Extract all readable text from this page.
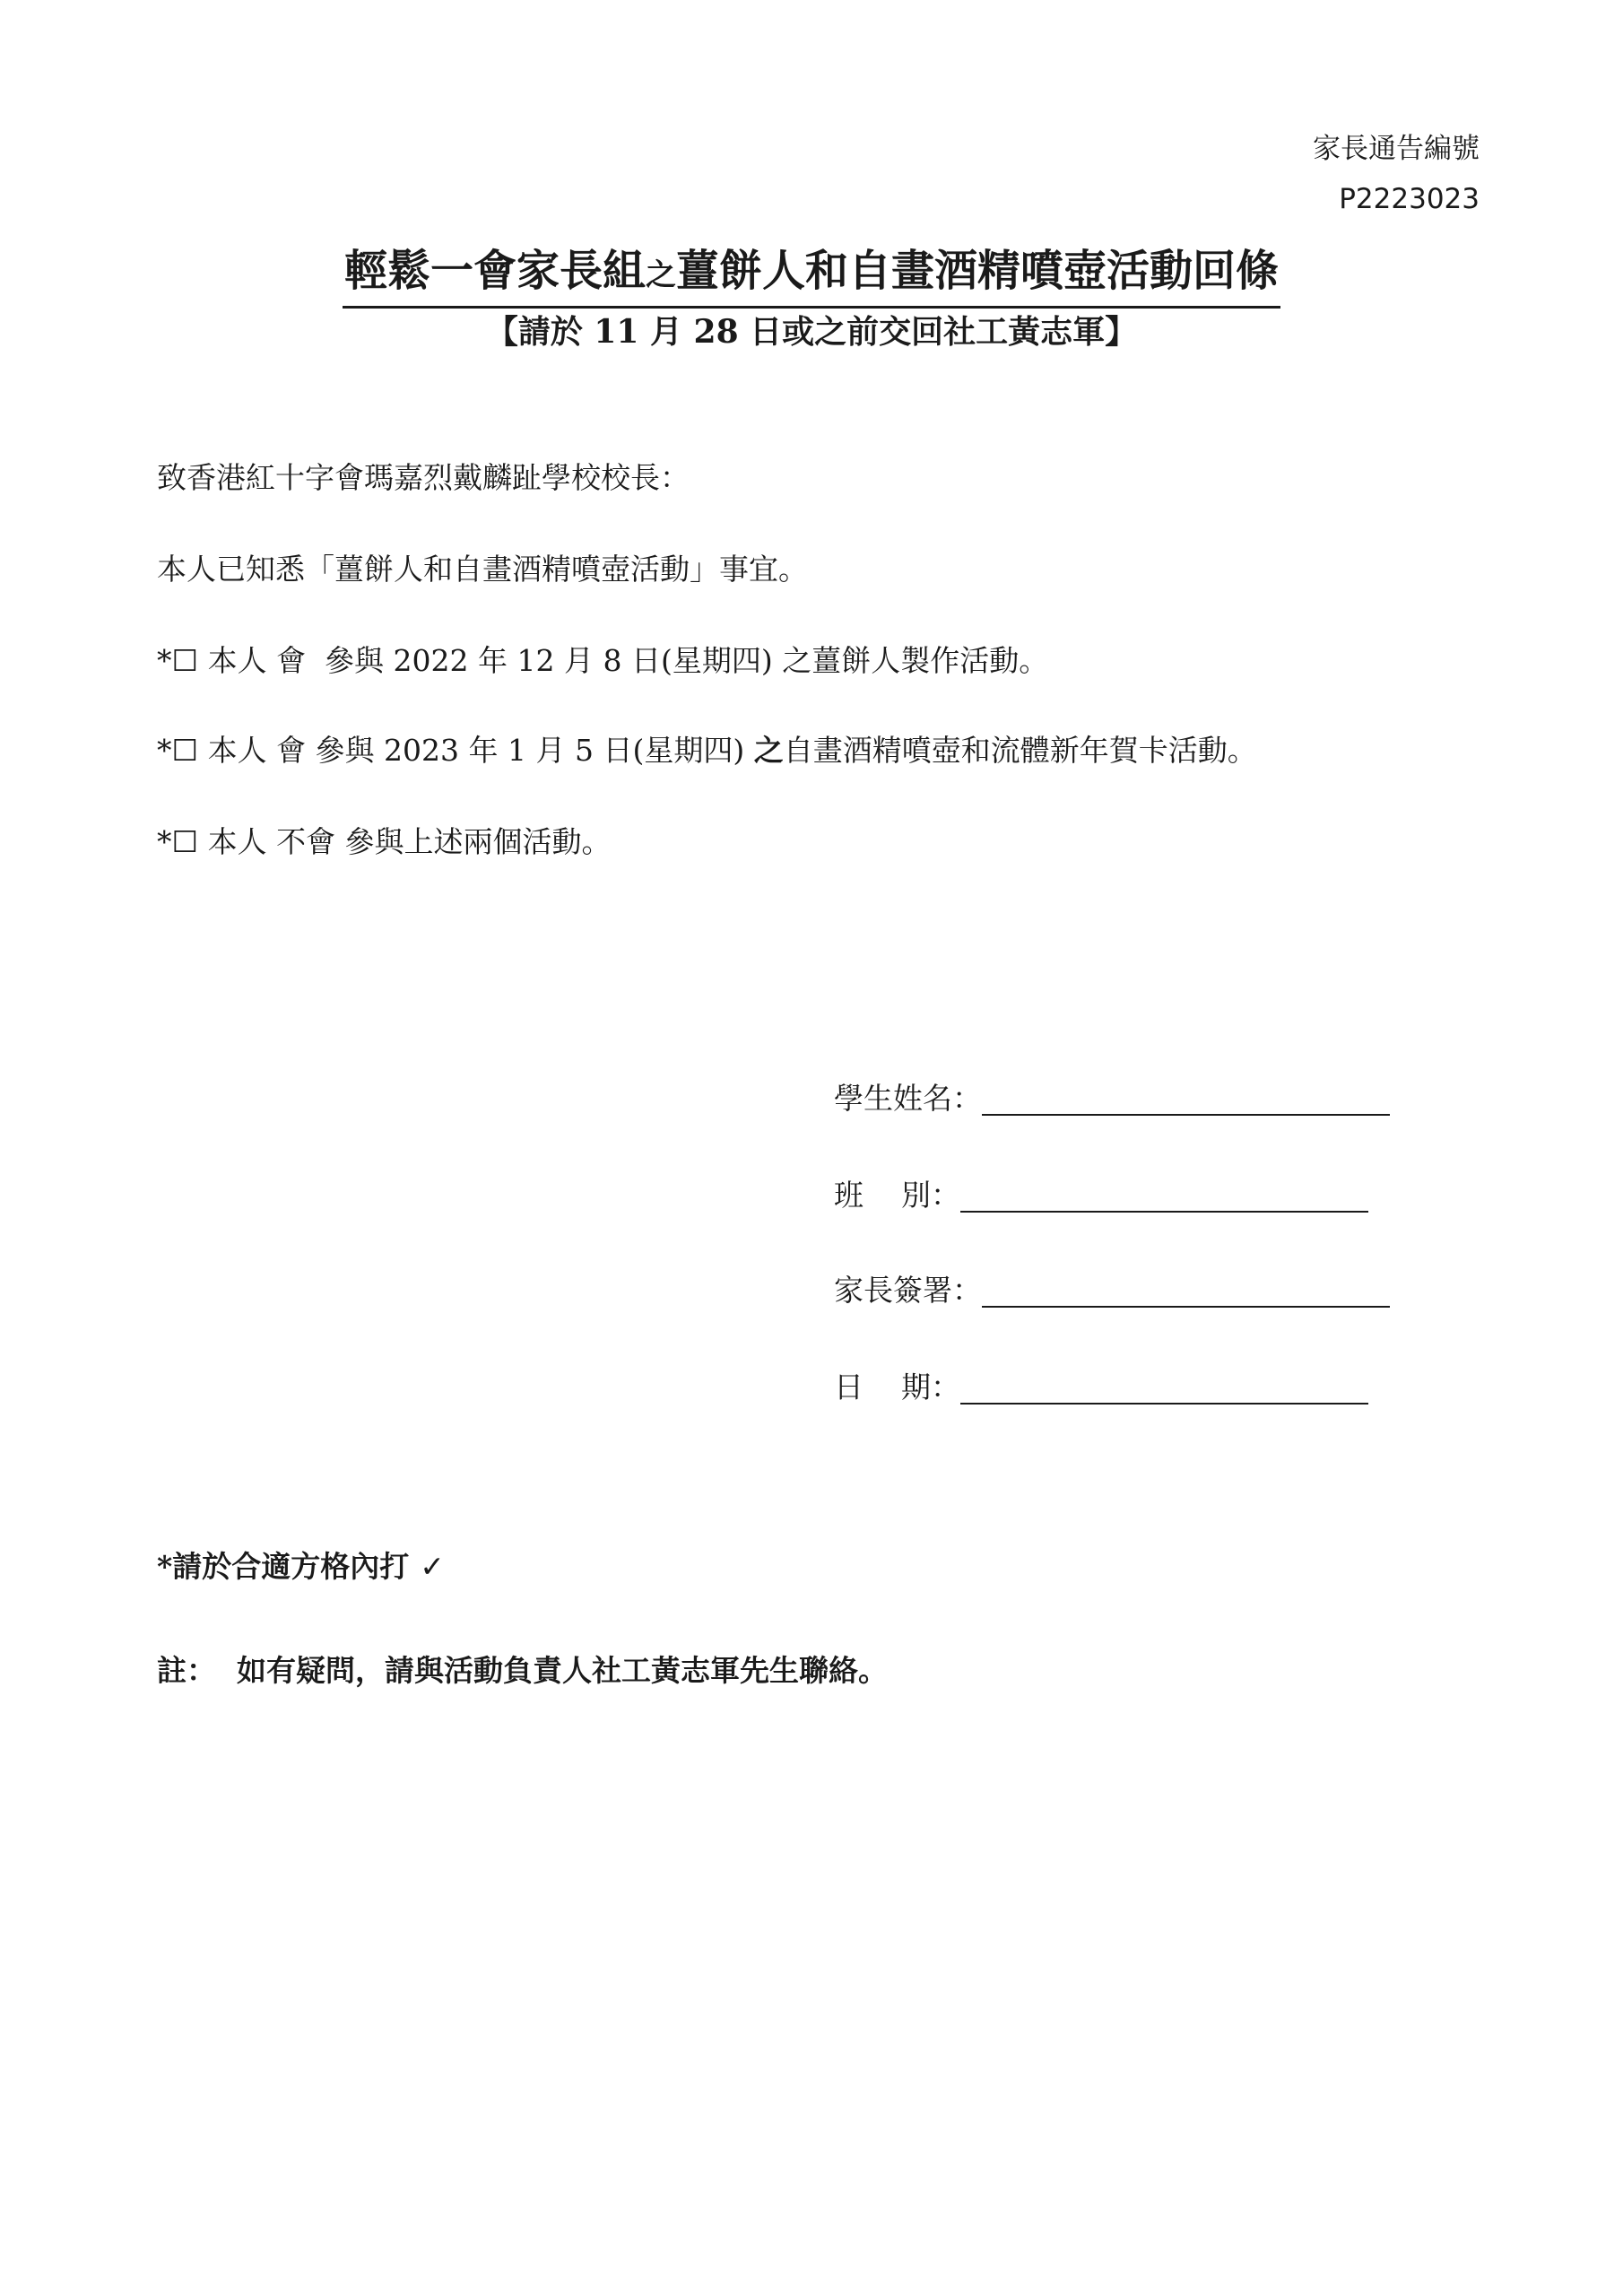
家長通告編號
P2223023
輕鬆一會家長組之薑餅人和自畫酒精噴壺活動回條
【請於 11 月 28 日或之前交回社工黃志軍】
致香港紅十字會瑪嘉烈戴麟趾學校校長：
本人已知悉「薑餅人和自畫酒精噴壺活動」事宜。
*☐ 本人 會  參與 2022 年 12 月 8 日(星期四) 之薑餅人製作活動。
*☐ 本人 會 參與 2023 年 1 月 5 日(星期四) 之自畫酒精噴壺和流體新年賀卡活動。
*☐ 本人 不會 參與上述兩個活動。
學生姓名：
班    別：
家長簽署：
日    期：
*請於合適方格內打 ✓
註：  如有疑問，請與活動負責人社工黃志軍先生聯絡。
